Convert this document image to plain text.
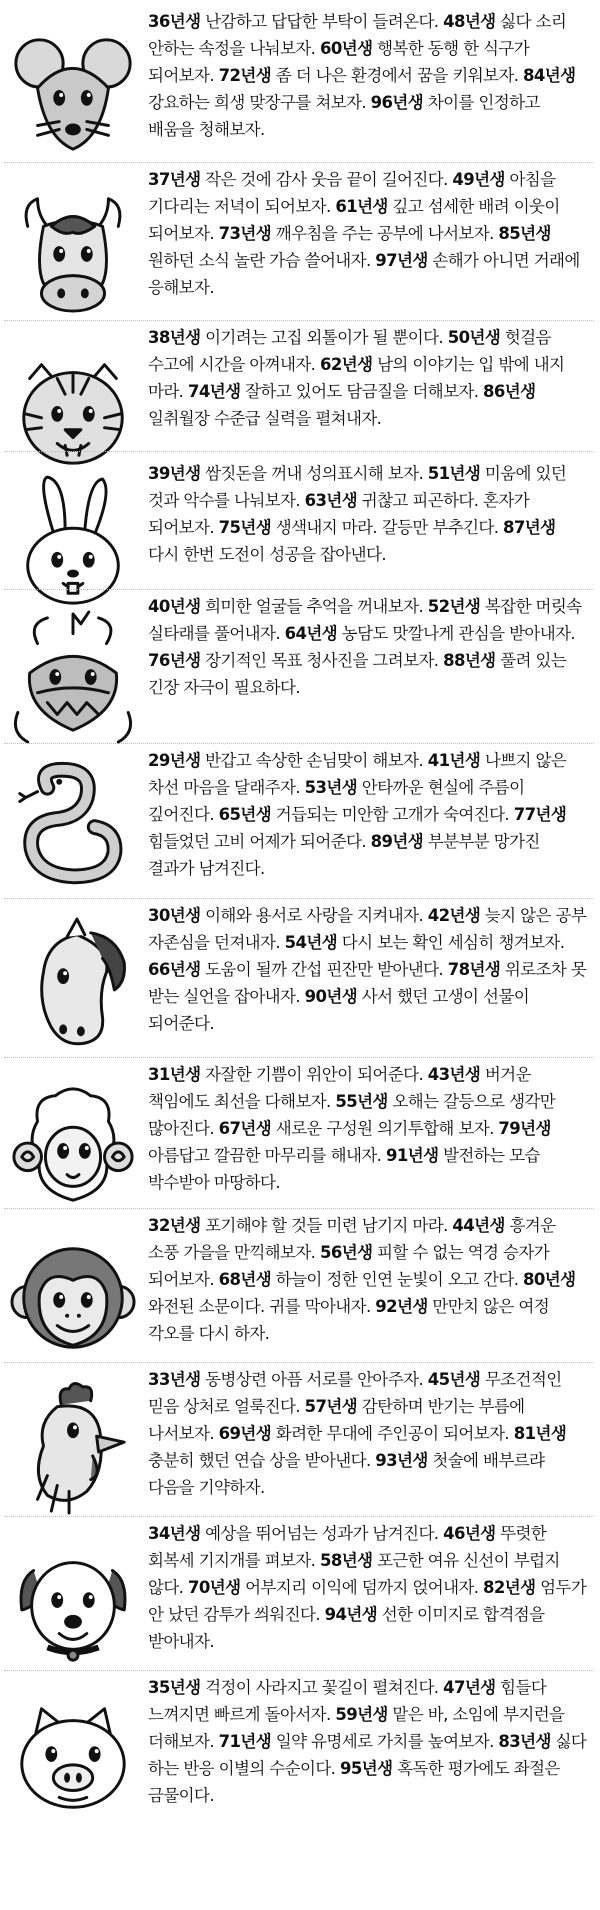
36년생 난감하고 답답한 부탁이 들려온다. 48년생 싫다 소리 안하는 속정을 나눠보자. 60년생 행복한 동행 한 식구가 되어보자. 72년생 좀 더 나은 환경에서 꿈을 키워보자. 84년생 강요하는 희생 맞장구를 쳐보자. 96년생 차이를 인정하고 배움을 청해보자.
37년생 작은 것에 감사 웃음 끝이 길어진다. 49년생 아침을 기다리는 저녁이 되어보자. 61년생 깊고 섬세한 배려 이웃이 되어보자. 73년생 깨우침을 주는 공부에 나서보자. 85년생 원하던 소식 놀란 가슴 쓸어내자. 97년생 손해가 아니면 거래에 응해보자.
38년생 이기려는 고집 외톨이가 될 뿐이다. 50년생 헛걸음 수고에 시간을 아껴내자. 62년생 남의 이야기는 입 밖에 내지 마라. 74년생 잘하고 있어도 담금질을 더해보자. 86년생 일취월장 수준급 실력을 펼쳐내자.
39년생 쌈짓돈을 꺼내 성의표시해 보자. 51년생 미움에 있던 것과 악수를 나눠보자. 63년생 귀찮고 피곤하다. 혼자가 되어보자. 75년생 생색내지 마라. 갈등만 부추긴다. 87년생 다시 한번 도전이 성공을 잡아낸다.
40년생 희미한 얼굴들 추억을 꺼내보자. 52년생 복잡한 머릿속 실타래를 풀어내자. 64년생 농담도 맛깔나게 관심을 받아내자. 76년생 장기적인 목표 청사진을 그려보자. 88년생 풀려 있는 긴장 자극이 필요하다.
29년생 반갑고 속상한 손님맞이 해보자. 41년생 나쁘지 않은 차선 마음을 달래주자. 53년생 안타까운 현실에 주름이 깊어진다. 65년생 거듭되는 미안함 고개가 숙여진다. 77년생 힘들었던 고비 어제가 되어준다. 89년생 부분부분 망가진 결과가 남겨진다.
30년생 이해와 용서로 사랑을 지켜내자. 42년생 늦지 않은 공부 자존심을 던져내자. 54년생 다시 보는 확인 세심히 챙겨보자. 66년생 도움이 될까 간섭 핀잔만 받아낸다. 78년생 위로조차 못 받는 실언을 잡아내자. 90년생 사서 했던 고생이 선물이 되어준다.
31년생 자잘한 기쁨이 위안이 되어준다. 43년생 버거운 책임에도 최선을 다해보자. 55년생 오해는 갈등으로 생각만 많아진다. 67년생 새로운 구성원 의기투합해 보자. 79년생 아름답고 깔끔한 마무리를 해내자. 91년생 발전하는 모습 박수받아 마땅하다.
32년생 포기해야 할 것들 미련 남기지 마라. 44년생 흥겨운 소풍 가을을 만끽해보자. 56년생 피할 수 없는 역경 승자가 되어보자. 68년생 하늘이 정한 인연 눈빛이 오고 간다. 80년생 와전된 소문이다. 귀를 막아내자. 92년생 만만치 않은 여정 각오를 다시 하자.
33년생 동병상련 아픔 서로를 안아주자. 45년생 무조건적인 믿음 상처로 얼룩진다. 57년생 감탄하며 반기는 부름에 나서보자. 69년생 화려한 무대에 주인공이 되어보자. 81년생 충분히 했던 연습 상을 받아낸다. 93년생 첫술에 배부르랴 다음을 기약하자.
34년생 예상을 뛰어넘는 성과가 남겨진다. 46년생 뚜렷한 회복세 기지개를 펴보자. 58년생 포근한 여유 신선이 부럽지 않다. 70년생 어부지리 이익에 덤까지 얹어내자. 82년생 엄두가 안 났던 감투가 씌워진다. 94년생 선한 이미지로 합격점을 받아내자.
35년생 걱정이 사라지고 꽃길이 펼쳐진다. 47년생 힘들다 느껴지면 빠르게 돌아서자. 59년생 맡은 바, 소임에 부지런을 더해보자. 71년생 일약 유명세로 가치를 높여보자. 83년생 싫다 하는 반응 이별의 수순이다. 95년생 혹독한 평가에도 좌절은 금물이다.
